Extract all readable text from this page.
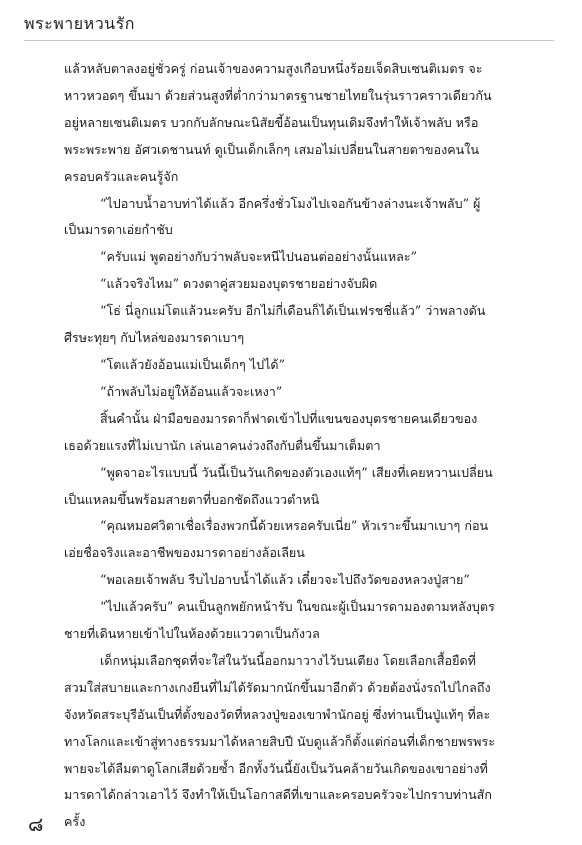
พระพายหวนรัก

แล้วหลับตาลงอยู่ชั่วครู่ ก่อนเจ้าของความสูงเกือบหนึ่งร้อยเจ็ดสิบเซนติเมตร จะหาวหวอดๆ ขึ้นมา ด้วยส่วนสูงที่ต่ำกว่ามาตรฐานชายไทยในรุ่นราวคราวเดียวกันอยู่หลายเซนติเมตร บวกกับลักษณะนิสัยขี้อ้อนเป็นทุนเดิมจึงทำให้เจ้าพลับ หรือพระพระพาย อัศวเดชานนท์ ดูเป็นเด็กเล็กๆ เสมอไม่เปลี่ยนในสายตาของคนในครอบครัวและคนรู้จัก

“ไปอาบน้ำอาบท่าได้แล้ว อีกครึ่งชั่วโมงไปเจอกันข้างล่างนะเจ้าพลับ” ผู้เป็นมารดาเอ่ยกำชับ

“ครับแม่ พูดอย่างกับว่าพลับจะหนีไปนอนต่ออย่างนั้นแหละ”

“แล้วจริงไหม” ดวงตาคู่สวยมองบุตรชายอย่างจับผิด

“โธ่ นี่ลูกแม่โตแล้วนะครับ อีกไม่กี่เดือนก็ได้เป็นเฟรชชี่แล้ว” ว่าพลางดันศีรษะทุยๆ กับไหล่ของมารดาเบาๆ

“โตแล้วยังอ้อนแม่เป็นเด็กๆ ไปได้”

“ถ้าพลับไม่อยู่ให้อ้อนแล้วจะเหงา”

สิ้นคำนั้น ฝ่ามือของมารดาก็ฟาดเข้าไปที่แขนของบุตรชายคนเดียวของเธอด้วยแรงที่ไม่เบานัก เล่นเอาคนง่วงถึงกับตื่นขึ้นมาเต็มตา

“พูดจาอะไรแบบนี้ วันนี้เป็นวันเกิดของตัวเองแท้ๆ” เสียงที่เคยหวานเปลี่ยนเป็นแหลมขึ้นพร้อมสายตาที่บอกชัดถึงแววตำหนิ

“คุณหมอศวิตาเชื่อเรื่องพวกนี้ด้วยเหรอครับเนี่ย” หัวเราะขึ้นมาเบาๆ ก่อนเอ่ยชื่อจริงและอาชีพของมารดาอย่างล้อเลียน

“พอเลยเจ้าพลับ รีบไปอาบน้ำได้แล้ว เดี๋ยวจะไปถึงวัดของหลวงปู่สาย”

“ไปแล้วครับ” คนเป็นลูกพยักหน้ารับ ในขณะผู้เป็นมารดามองตามหลังบุตรชายที่เดินหายเข้าไปในห้องด้วยแววตาเป็นกังวล

เด็กหนุ่มเลือกชุดที่จะใส่ในวันนี้ออกมาวางไว้บนเตียง โดยเลือกเสื้อยืดที่สวมใส่สบายและกางเกงยีนที่ไม่ได้รัดมากนักขึ้นมาอีกตัว ด้วยต้องนั่งรถไปไกลถึงจังหวัดสระบุรีอันเป็นที่ตั้งของวัดที่หลวงปู่ของเขาพำนักอยู่ ซึ่งท่านเป็นปู่แท้ๆ ที่ละทางโลกและเข้าสู่ทางธรรมมาได้หลายสิบปี นับดูแล้วก็ตั้งแต่ก่อนที่เด็กชายพรพระพายจะได้ลืมตาดูโลกเสียด้วยซ้ำ อีกทั้งวันนี้ยังเป็นวันคล้ายวันเกิดของเขาอย่างที่มารดาได้กล่าวเอาไว้ จึงทำให้เป็นโอกาสดีที่เขาและครอบครัวจะไปกราบท่านสักครั้ง

๘
